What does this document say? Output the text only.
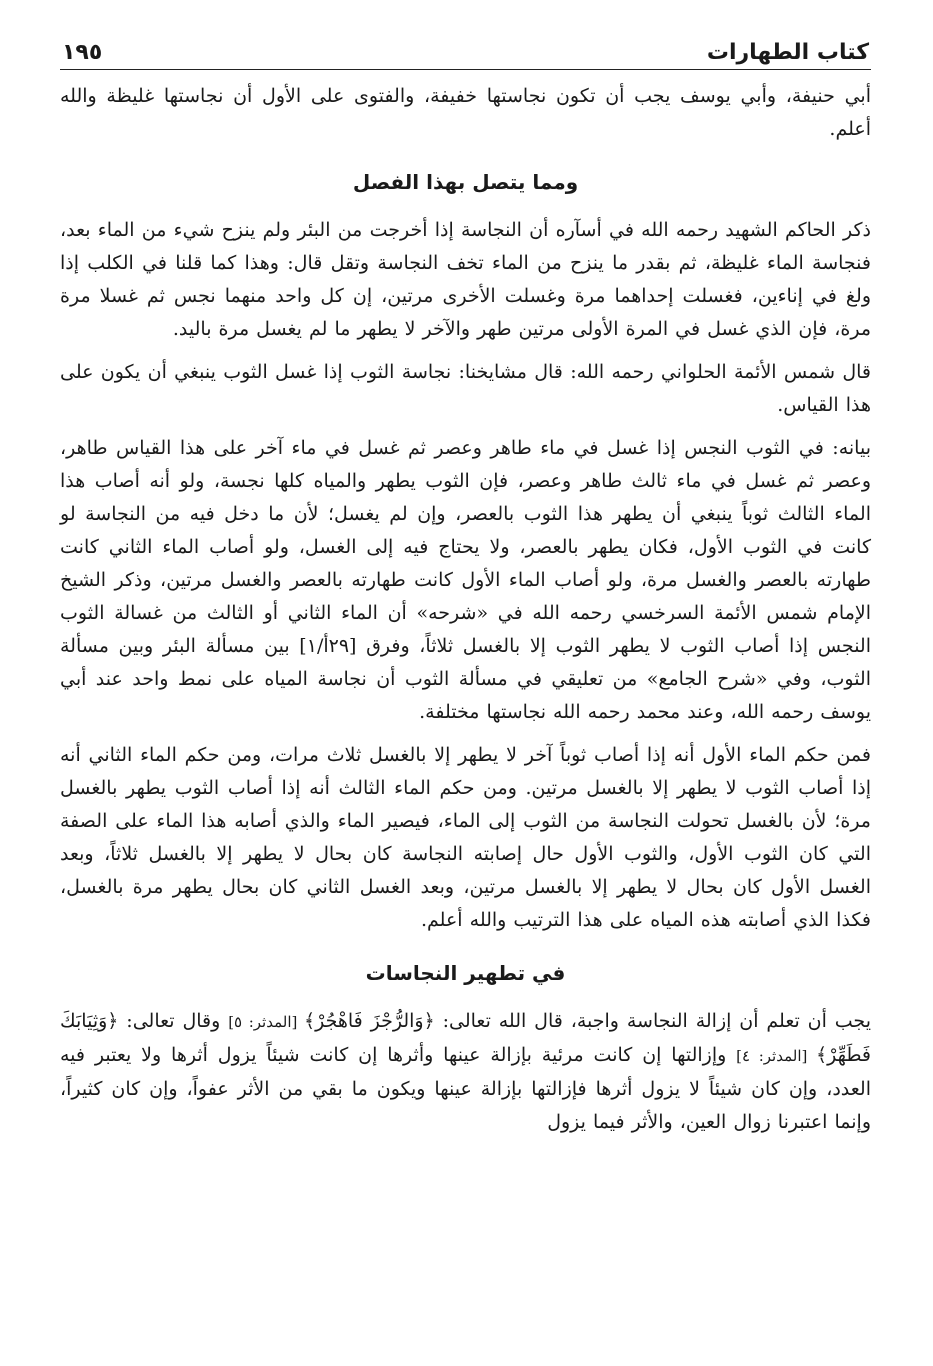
كتاب الطهارات
١٩٥

أبي حنيفة، وأبي يوسف يجب أن تكون نجاستها خفيفة، والفتوى على الأول أن نجاستها غليظة والله أعلم.

ومما يتصل بهذا الفصل

ذكر الحاكم الشهيد رحمه الله في أسآره أن النجاسة إذا أخرجت من البئر ولم ينزح شيء من الماء بعد، فنجاسة الماء غليظة، ثم بقدر ما ينزح من الماء تخف النجاسة وتقل قال: وهذا كما قلنا في الكلب إذا ولغ في إناءين، فغسلت إحداهما مرة وغسلت الأخرى مرتين، إن كل واحد منهما نجس ثم غسلا مرة مرة، فإن الذي غسل في المرة الأولى مرتين طهر والآخر لا يطهر ما لم يغسل مرة باليد.

قال شمس الأئمة الحلواني رحمه الله: قال مشايخنا: نجاسة الثوب إذا غسل الثوب ينبغي أن يكون على هذا القياس.

بيانه: في الثوب النجس إذا غسل في ماء طاهر وعصر ثم غسل في ماء آخر على هذا القياس طاهر، وعصر ثم غسل في ماء ثالث طاهر وعصر، فإن الثوب يطهر والمياه كلها نجسة، ولو أنه أصاب هذا الماء الثالث ثوباً ينبغي أن يطهر هذا الثوب بالعصر، وإن لم يغسل؛ لأن ما دخل فيه من النجاسة لو كانت في الثوب الأول، فكان يطهر بالعصر، ولا يحتاج فيه إلى الغسل، ولو أصاب الماء الثاني كانت طهارته بالعصر والغسل مرة، ولو أصاب الماء الأول كانت طهارته بالعصر والغسل مرتين، وذكر الشيخ الإمام شمس الأئمة السرخسي رحمه الله في «شرحه» أن الماء الثاني أو الثالث من غسالة الثوب النجس إذا أصاب الثوب لا يطهر الثوب إلا بالغسل ثلاثاً، وفرق [٢٩أ/١] بين مسألة البئر وبين مسألة الثوب، وفي «شرح الجامع» من تعليقي في مسألة الثوب أن نجاسة المياه على نمط واحد عند أبي يوسف رحمه الله، وعند محمد رحمه الله نجاستها مختلفة.

فمن حكم الماء الأول أنه إذا أصاب ثوباً آخر لا يطهر إلا بالغسل ثلاث مرات، ومن حكم الماء الثاني أنه إذا أصاب الثوب لا يطهر إلا بالغسل مرتين. ومن حكم الماء الثالث أنه إذا أصاب الثوب يطهر بالغسل مرة؛ لأن بالغسل تحولت النجاسة من الثوب إلى الماء، فيصير الماء والذي أصابه هذا الماء على الصفة التي كان الثوب الأول، والثوب الأول حال إصابته النجاسة كان بحال لا يطهر إلا بالغسل ثلاثاً، وبعد الغسل الأول كان بحال لا يطهر إلا بالغسل مرتين، وبعد الغسل الثاني كان بحال يطهر مرة بالغسل، فكذا الذي أصابته هذه المياه على هذا الترتيب والله أعلم.

في تطهير النجاسات

يجب أن تعلم أن إزالة النجاسة واجبة، قال الله تعالى: ﴿وَالرُّجْزَ فَاهْجُرْ﴾ [المدثر: ٥] وقال تعالى: ﴿وَثِيَابَكَ فَطَهِّرْ﴾ [المدثر: ٤] وإزالتها إن كانت مرئية بإزالة عينها وأثرها إن كانت شيئاً يزول أثرها ولا يعتبر فيه العدد، وإن كان شيئاً لا يزول أثرها فإزالتها بإزالة عينها ويكون ما بقي من الأثر عفواً، وإن كان كثيراً، وإنما اعتبرنا زوال العين، والأثر فيما يزول
